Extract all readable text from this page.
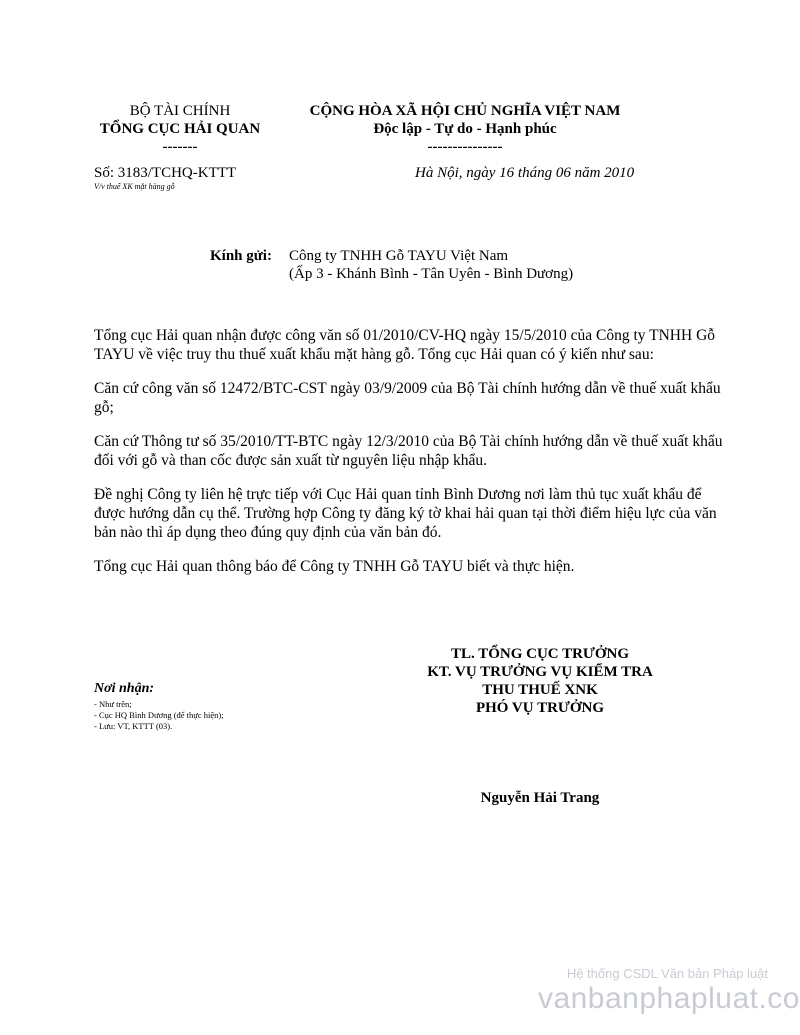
BỘ TÀI CHÍNH
TỔNG CỤC HẢI QUAN
-------
CỘNG HÒA XÃ HỘI CHỦ NGHĨA VIỆT NAM
Độc lập - Tự do - Hạnh phúc
---------------
Số: 3183/TCHQ-KTTT
V/v thuế XK mặt hàng gỗ
Hà Nội, ngày 16 tháng 06 năm 2010
Kính gửi: Công ty TNHH Gỗ TAYU Việt Nam
(Ấp 3 - Khánh Bình - Tân Uyên - Bình Dương)

Tổng cục Hải quan nhận được công văn số 01/2010/CV-HQ ngày 15/5/2010 của Công ty TNHH Gỗ TAYU về việc truy thu thuế xuất khẩu mặt hàng gỗ. Tổng cục Hải quan có ý kiến như sau:

Căn cứ công văn số 12472/BTC-CST ngày 03/9/2009 của Bộ Tài chính hướng dẫn về thuế xuất khẩu gỗ;

Căn cứ Thông tư số 35/2010/TT-BTC ngày 12/3/2010 của Bộ Tài chính hướng dẫn về thuế xuất khẩu đối với gỗ và than cốc được sản xuất từ nguyên liệu nhập khẩu.

Đề nghị Công ty liên hệ trực tiếp với Cục Hải quan tỉnh Bình Dương nơi làm thủ tục xuất khẩu để được hướng dẫn cụ thể. Trường hợp Công ty đăng ký tờ khai hải quan tại thời điểm hiệu lực của văn bản nào thì áp dụng theo đúng quy định của văn bản đó.

Tổng cục Hải quan thông báo để Công ty TNHH Gỗ TAYU biết và thực hiện.

TL. TỔNG CỤC TRƯỞNG
KT. VỤ TRƯỞNG VỤ KIỂM TRA
THU THUẾ XNK
PHÓ VỤ TRƯỞNG
Nguyễn Hải Trang
Nơi nhận:
- Như trên;
- Cục HQ Bình Dương (để thực hiện);
- Lưu: VT, KTTT (03).
Hệ thống CSDL Văn bản Pháp luật
vanbanphapluat.co
